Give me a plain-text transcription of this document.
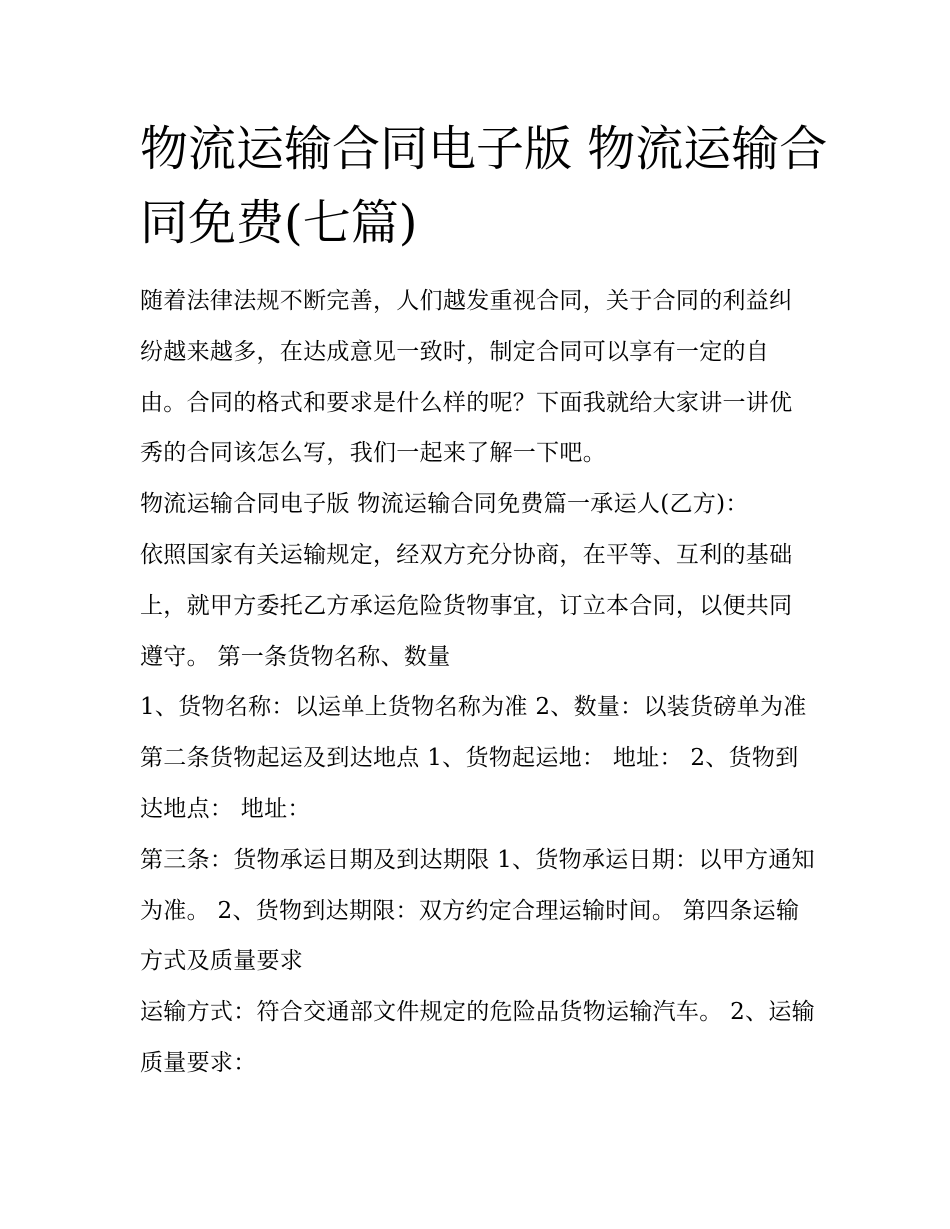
物流运输合同电子版 物流运输合同免费(七篇)

随着法律法规不断完善，人们越发重视合同，关于合同的利益纠纷越来越多，在达成意见一致时，制定合同可以享有一定的自由。合同的格式和要求是什么样的呢？下面我就给大家讲一讲优秀的合同该怎么写，我们一起来了解一下吧。

物流运输合同电子版 物流运输合同免费篇一承运人(乙方)：

依照国家有关运输规定，经双方充分协商，在平等、互利的基础上，就甲方委托乙方承运危险货物事宜，订立本合同，以便共同遵守。 第一条货物名称、数量

1、货物名称：以运单上货物名称为准 2、数量：以装货磅单为准 第二条货物起运及到达地点 1、货物起运地： 地址： 2、货物到达地点： 地址：

第三条：货物承运日期及到达期限 1、货物承运日期：以甲方通知为准。 2、货物到达期限：双方约定合理运输时间。 第四条运输方式及质量要求

运输方式：符合交通部文件规定的危险品货物运输汽车。 2、运输质量要求：
